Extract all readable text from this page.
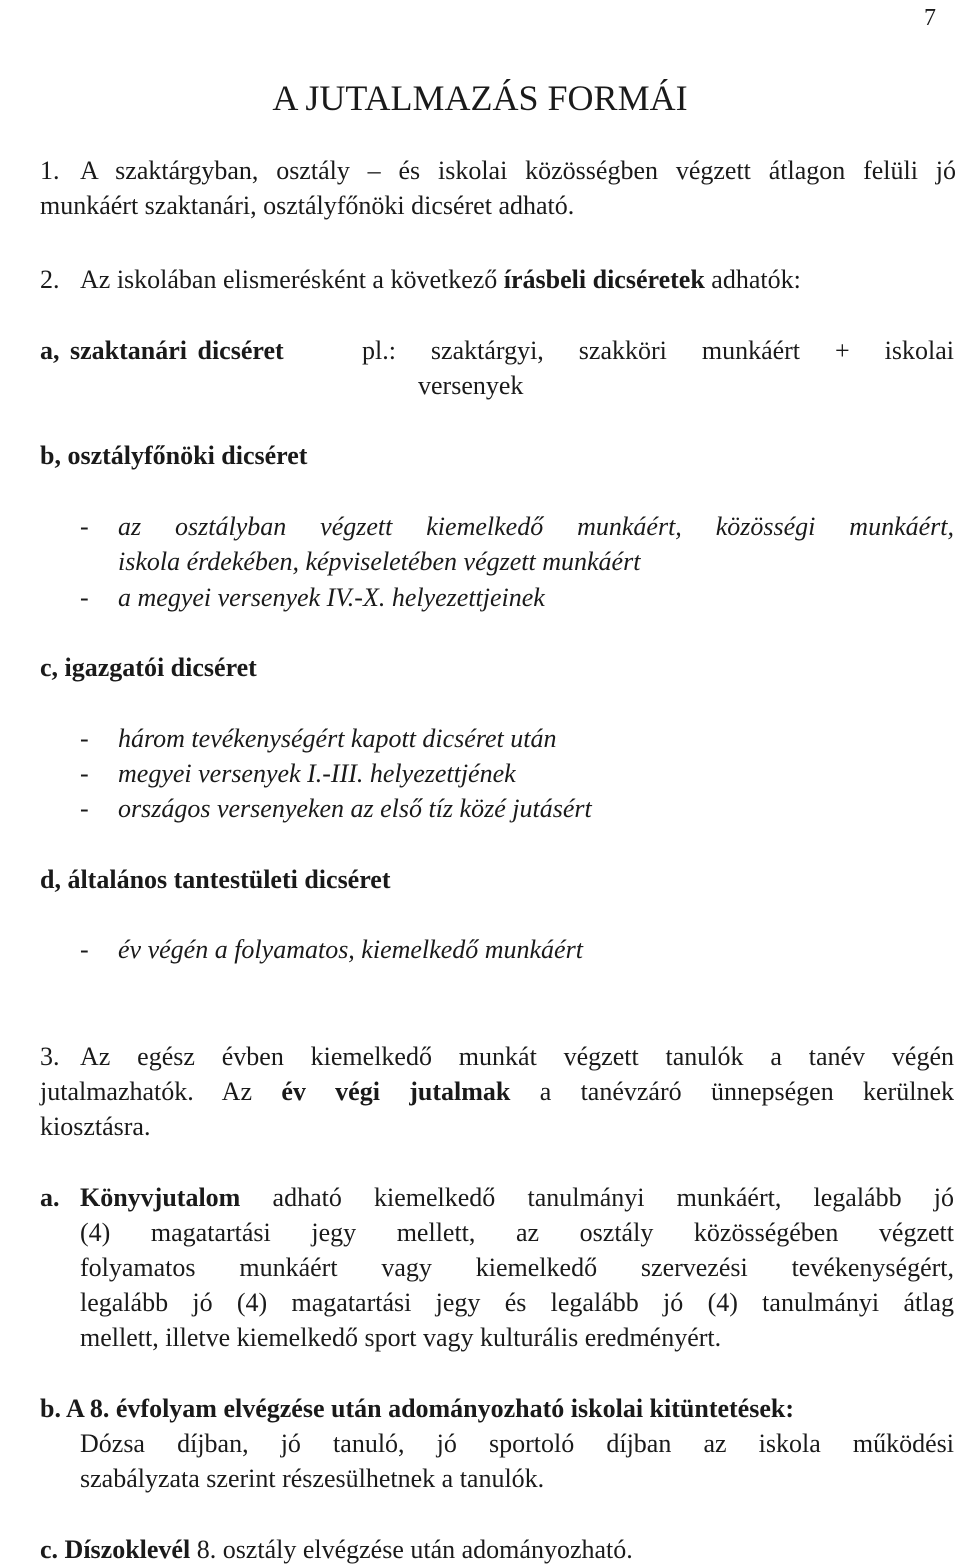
7
A JUTALMAZÁS FORMÁI
1. A szaktárgyban, osztály – és iskolai közösségben végzett átlagon felüli jó
munkáért szaktanári, osztályfőnöki dicséret adható.
2. Az iskolában elismerésként a következő írásbeli dicséretek adhatók:
a, szaktanári dicséret	pl.: szaktárgyi, szakköri munkáért + iskolai
versenyek
b, osztályfőnöki dicséret
- az osztályban végzett kiemelkedő munkáért, közösségi munkáért,
iskola érdekében, képviseletében végzett munkáért
- a megyei versenyek IV.-X. helyezettjeinek
c, igazgatói dicséret
- három tevékenységért kapott dicséret után
- megyei versenyek I.-III. helyezettjének
- országos versenyeken az első tíz közé jutásért
d, általános tantestületi dicséret
- év végén a folyamatos, kiemelkedő munkáért
3. Az egész évben kiemelkedő munkát végzett tanulók a tanév végén
jutalmazhatók. Az év végi jutalmak a tanévzáró ünnepségen kerülnek
kiosztásra.
a. Könyvjutalom adható kiemelkedő tanulmányi munkáért, legalább jó
(4) magatartási jegy mellett, az osztály közösségében végzett
folyamatos munkáért vagy kiemelkedő szervezési tevékenységért,
legalább jó (4) magatartási jegy és legalább jó (4) tanulmányi átlag
mellett, illetve kiemelkedő sport vagy kulturális eredményért.
b. A 8. évfolyam elvégzése után adományozható iskolai kitüntetések:
Dózsa díjban, jó tanuló, jó sportoló díjban az iskola működési
szabályzata szerint részesülhetnek a tanulók.
c. Díszoklevél 8. osztály elvégzése után adományozható.
